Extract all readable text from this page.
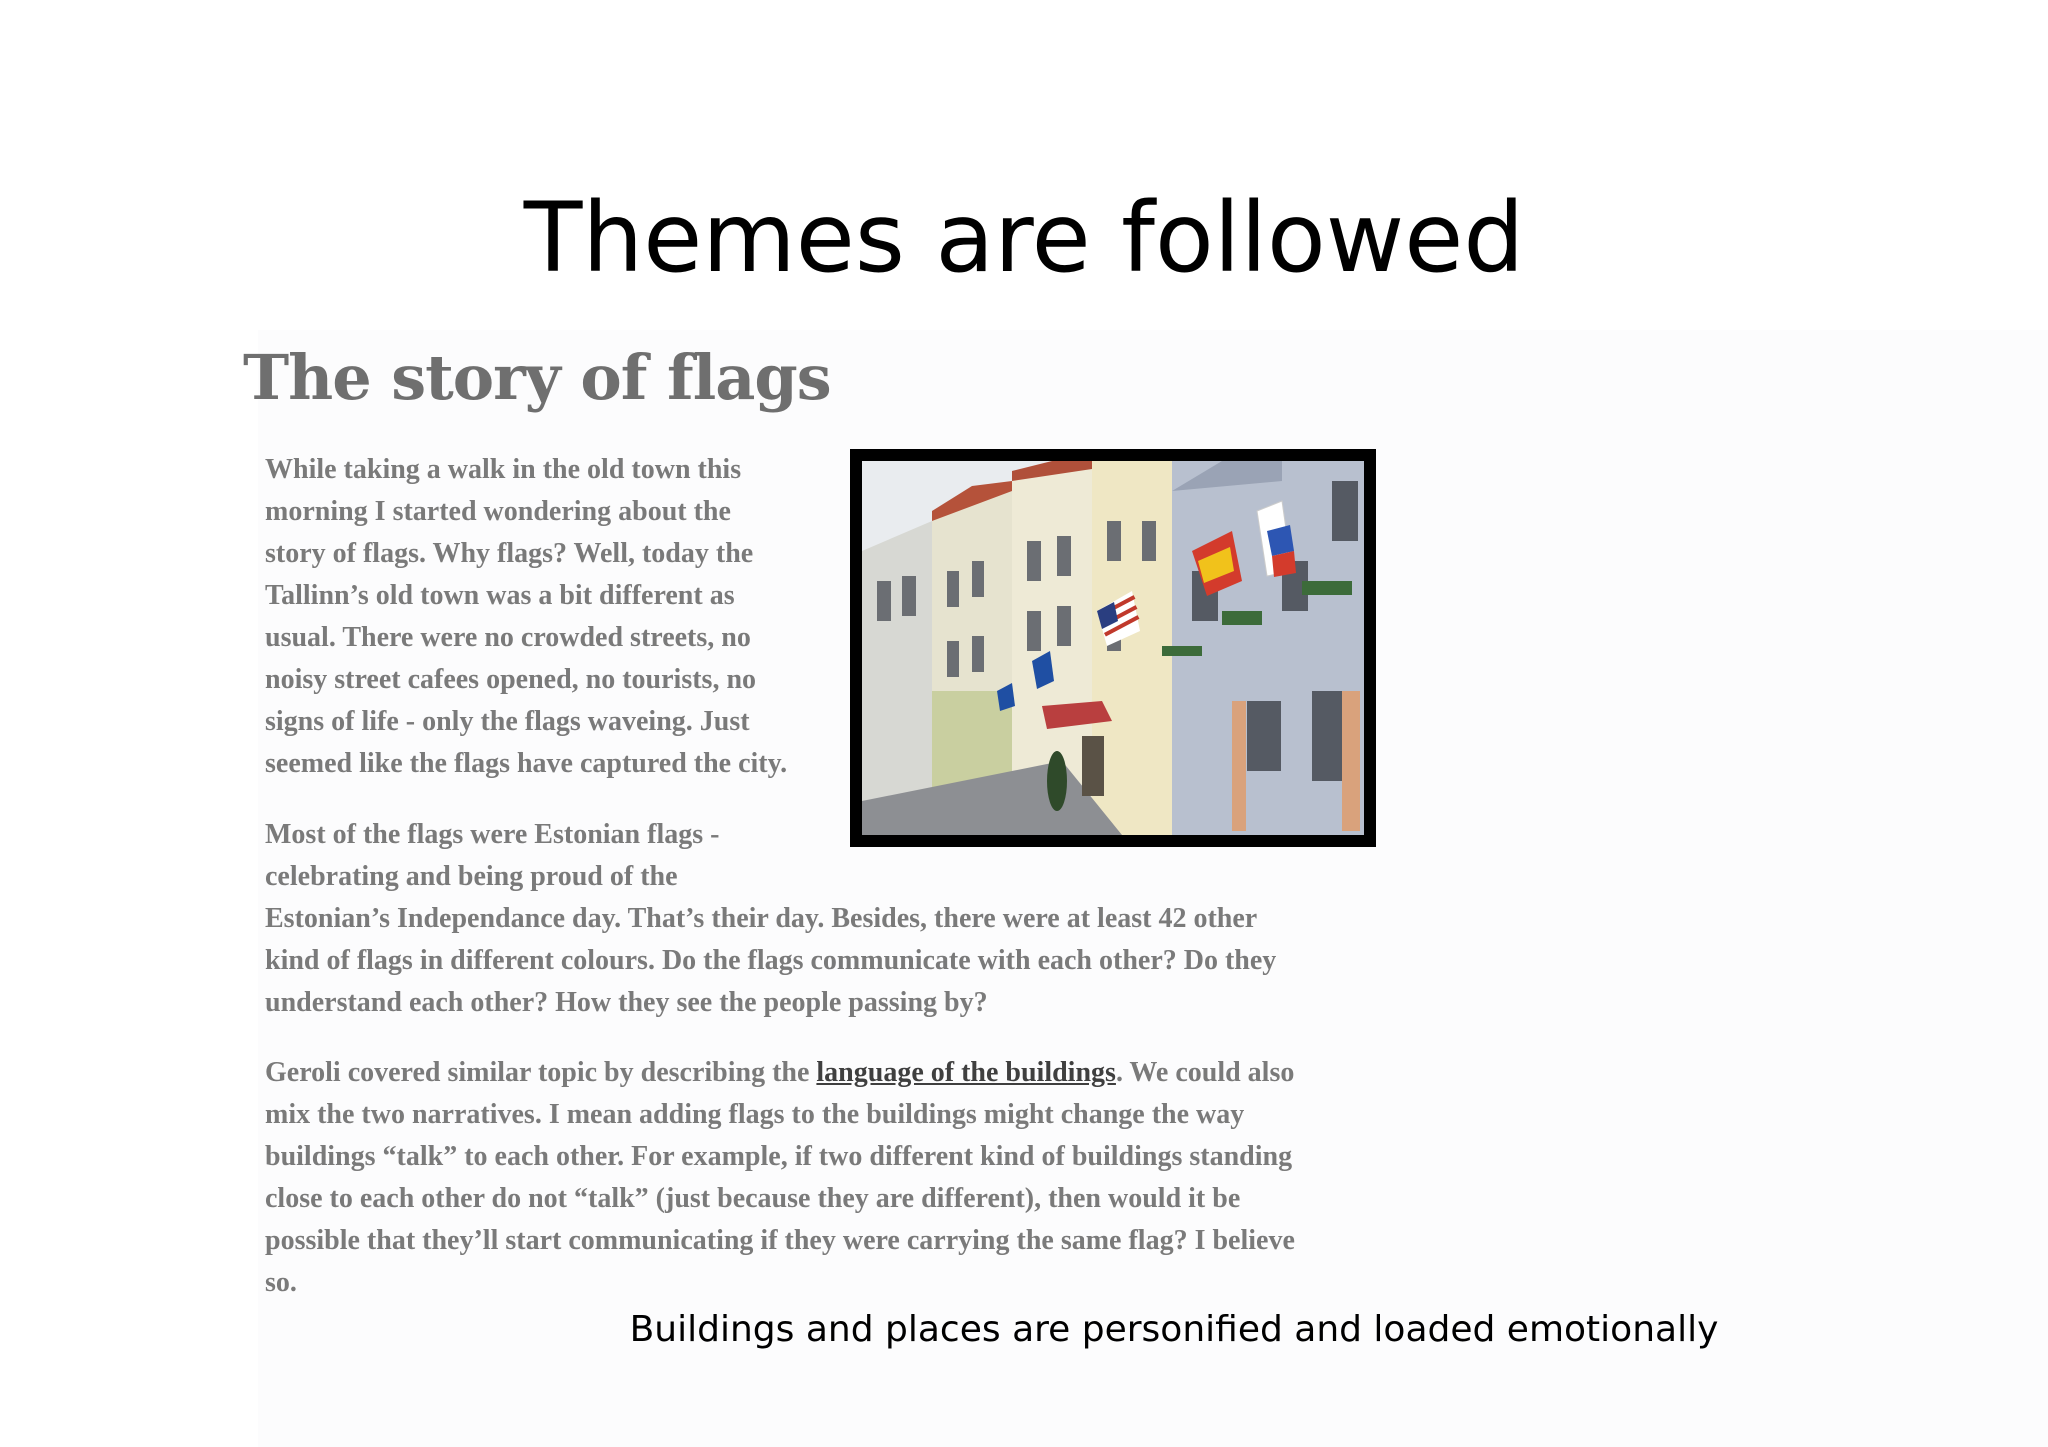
Themes are followed
The story of flags
While taking a walk in the old town this
morning I started wondering about the
story of flags. Why flags? Well, today the
Tallinn’s old town was a bit different as
usual. There were no crowded streets, no
noisy street cafees opened, no tourists, no
signs of life - only the flags waveing. Just
seemed like the flags have captured the city.
Most of the flags were Estonian flags -
celebrating and being proud of the
Estonian’s Independance day. That’s their day. Besides, there were at least 42 other
kind of flags in different colours. Do the flags communicate with each other? Do they
understand each other? How they see the people passing by?
Geroli covered similar topic by describing the language of the buildings. We could also
mix the two narratives. I mean adding flags to the buildings might change the way
buildings “talk” to each other. For example, if two different kind of buildings standing
close to each other do not “talk” (just because they are different), then would it be
possible that they’ll start communicating if they were carrying the same flag? I believe
so.
Buildings and places are personified and loaded emotionally
